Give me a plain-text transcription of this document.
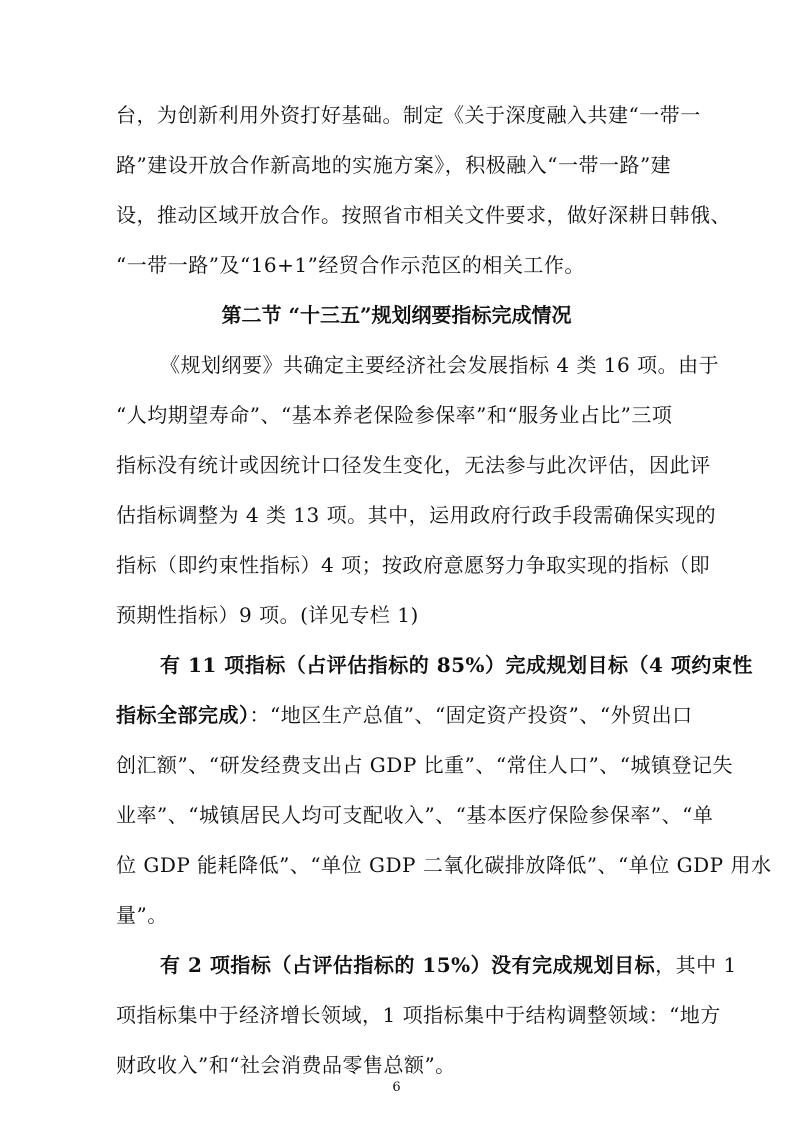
台，为创新利用外资打好基础。制定《关于深度融入共建“一带一
路”建设开放合作新高地的实施方案》，积极融入“一带一路”建
设，推动区域开放合作。按照省市相关文件要求，做好深耕日韩俄、
“一带一路”及“16+1”经贸合作示范区的相关工作。
第二节 “十三五”规划纲要指标完成情况
《规划纲要》共确定主要经济社会发展指标 4 类 16 项。由于
“人均期望寿命”、“基本养老保险参保率”和“服务业占比”三项
指标没有统计或因统计口径发生变化，无法参与此次评估，因此评
估指标调整为 4 类 13 项。其中，运用政府行政手段需确保实现的
指标（即约束性指标）4 项；按政府意愿努力争取实现的指标（即
预期性指标）9 项。(详见专栏 1)
有 11 项指标（占评估指标的 85%）完成规划目标（4 项约束性
指标全部完成）：“地区生产总值”、“固定资产投资”、“外贸出口
创汇额”、“研发经费支出占 GDP 比重”、“常住人口”、“城镇登记失
业率”、“城镇居民人均可支配收入”、“基本医疗保险参保率”、“单
位 GDP 能耗降低”、“单位 GDP 二氧化碳排放降低”、“单位 GDP 用水
量”。
有 2 项指标（占评估指标的 15%）没有完成规划目标，其中 1
项指标集中于经济增长领域，1 项指标集中于结构调整领域：“地方
财政收入”和“社会消费品零售总额”。
6
